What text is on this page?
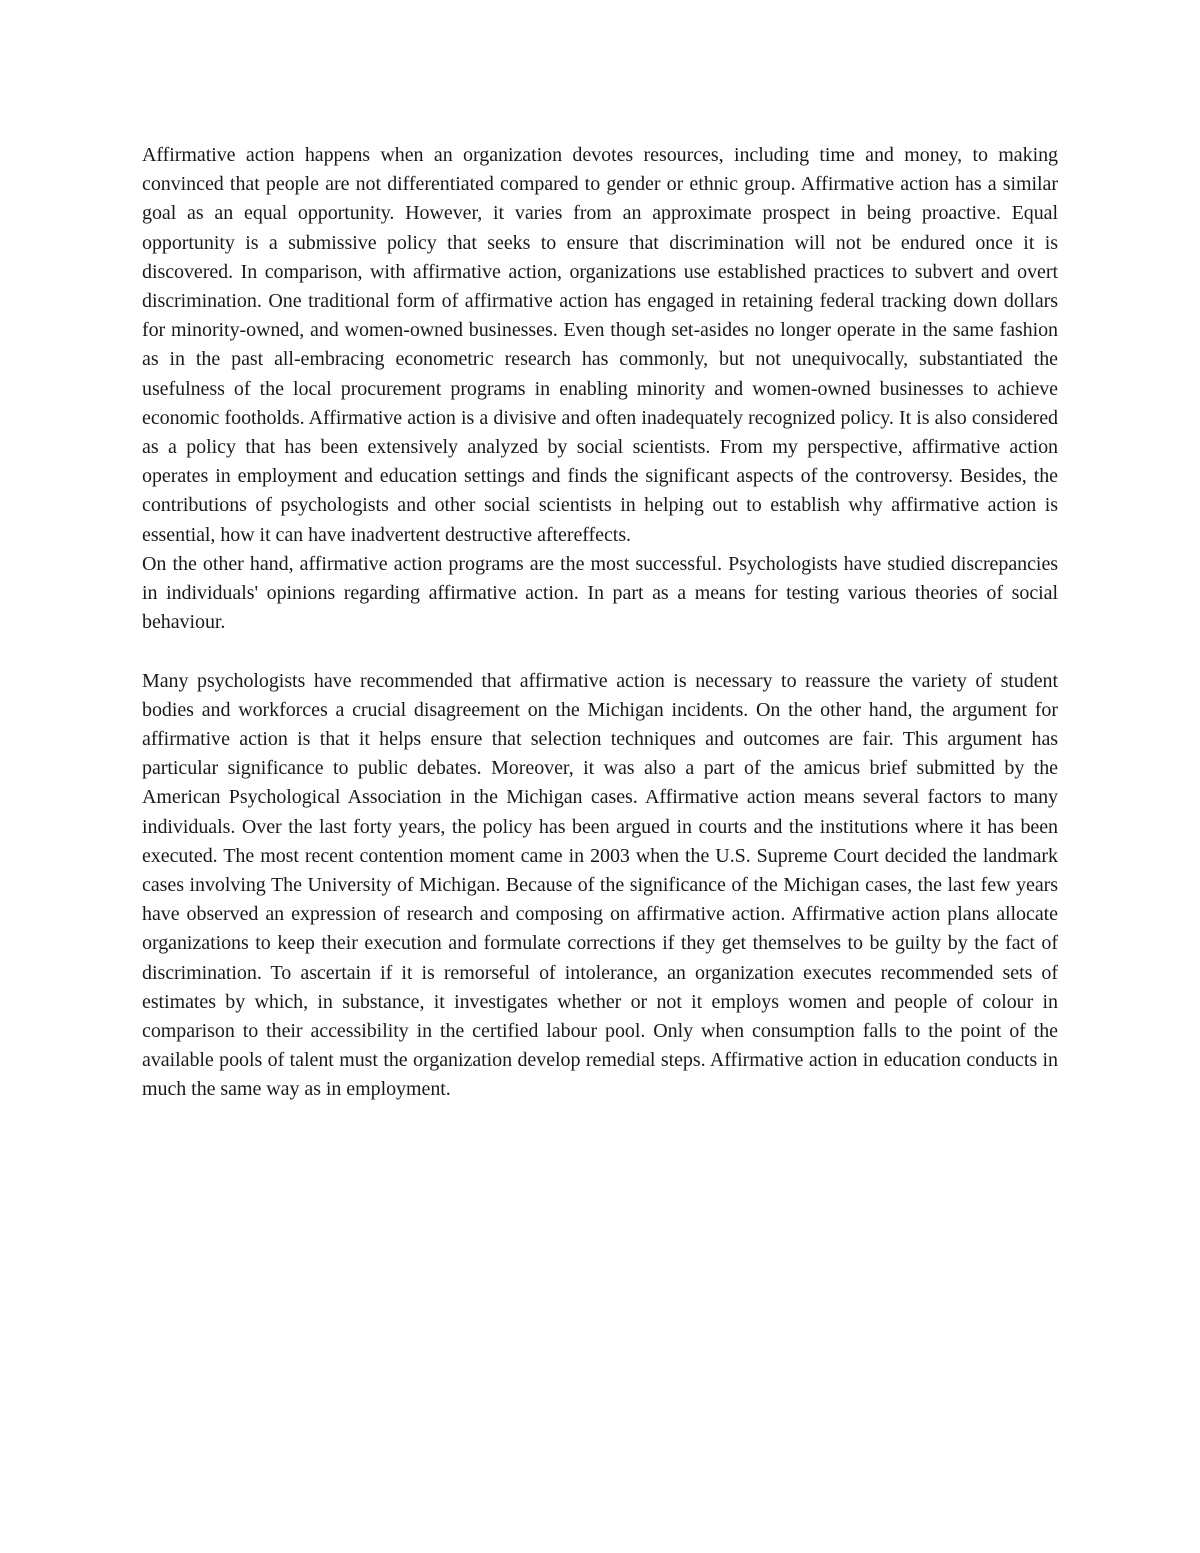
Affirmative action happens when an organization devotes resources, including time and money, to making convinced that people are not differentiated compared to gender or ethnic group. Affirmative action has a similar goal as an equal opportunity. However, it varies from an approximate prospect in being proactive. Equal opportunity is a submissive policy that seeks to ensure that discrimination will not be endured once it is discovered. In comparison, with affirmative action, organizations use established practices to subvert and overt discrimination. One traditional form of affirmative action has engaged in retaining federal tracking down dollars for minority-owned, and women-owned businesses. Even though set-asides no longer operate in the same fashion as in the past all-embracing econometric research has commonly, but not unequivocally, substantiated the usefulness of the local procurement programs in enabling minority and women-owned businesses to achieve economic footholds. Affirmative action is a divisive and often inadequately recognized policy. It is also considered as a policy that has been extensively analyzed by social scientists. From my perspective, affirmative action operates in employment and education settings and finds the significant aspects of the controversy. Besides, the contributions of psychologists and other social scientists in helping out to establish why affirmative action is essential, how it can have inadvertent destructive aftereffects.

On the other hand, affirmative action programs are the most successful. Psychologists have studied discrepancies in individuals' opinions regarding affirmative action. In part as a means for testing various theories of social behaviour.

Many psychologists have recommended that affirmative action is necessary to reassure the variety of student bodies and workforces a crucial disagreement on the Michigan incidents. On the other hand, the argument for affirmative action is that it helps ensure that selection techniques and outcomes are fair. This argument has particular significance to public debates. Moreover, it was also a part of the amicus brief submitted by the American Psychological Association in the Michigan cases. Affirmative action means several factors to many individuals. Over the last forty years, the policy has been argued in courts and the institutions where it has been executed. The most recent contention moment came in 2003 when the U.S. Supreme Court decided the landmark cases involving The University of Michigan. Because of the significance of the Michigan cases, the last few years have observed an expression of research and composing on affirmative action. Affirmative action plans allocate organizations to keep their execution and formulate corrections if they get themselves to be guilty by the fact of discrimination. To ascertain if it is remorseful of intolerance, an organization executes recommended sets of estimates by which, in substance, it investigates whether or not it employs women and people of colour in comparison to their accessibility in the certified labour pool. Only when consumption falls to the point of the available pools of talent must the organization develop remedial steps. Affirmative action in education conducts in much the same way as in employment.
